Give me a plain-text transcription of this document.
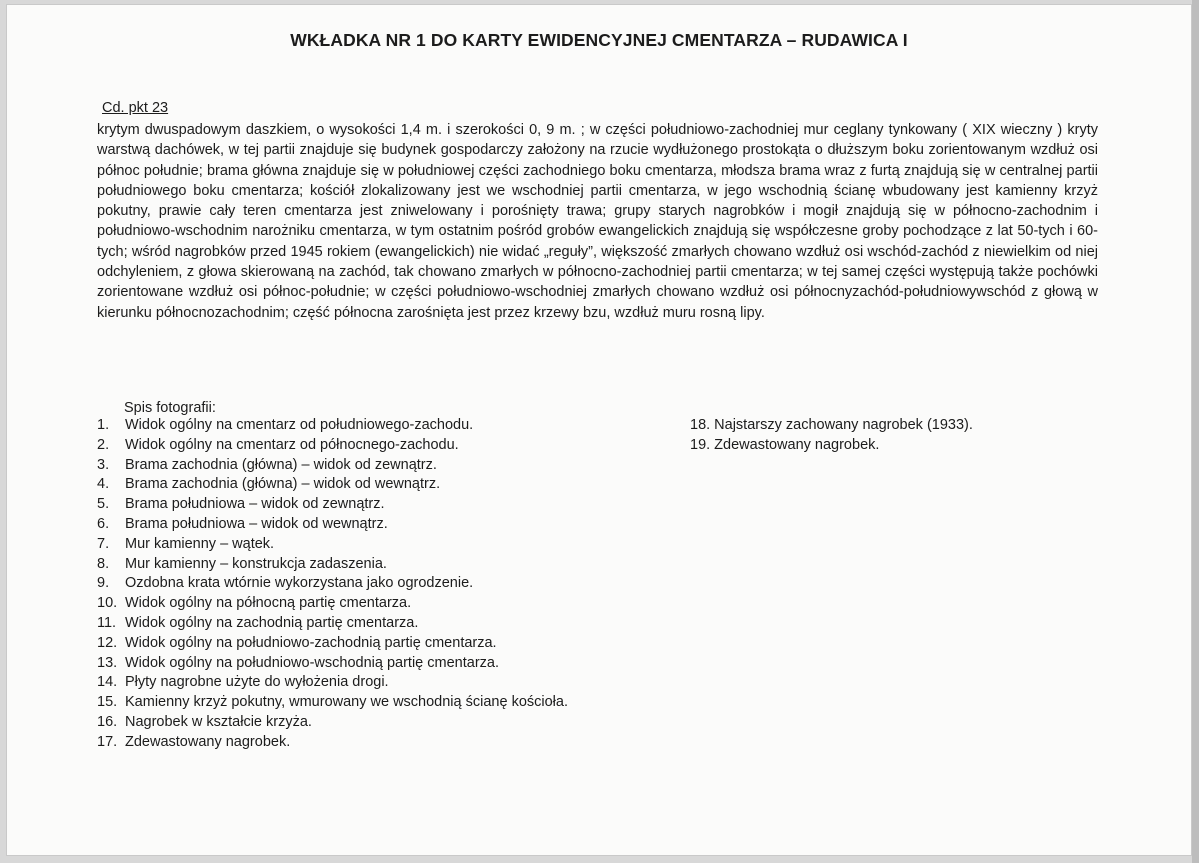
WKŁADKA NR 1 DO KARTY EWIDENCYJNEJ CMENTARZA – RUDAWICA I
Cd. pkt 23
krytym dwuspadowym daszkiem, o wysokości 1,4 m. i szerokości 0, 9 m. ; w części południowo-zachodniej mur ceglany tynkowany ( XIX wieczny ) kryty warstwą dachówek, w tej partii znajduje się budynek gospodarczy założony na rzucie wydłużonego prostokąta o dłuższym boku zorientowanym wzdłuż osi północ południe; brama główna znajduje się w południowej części zachodniego boku cmentarza, młodsza brama wraz z furtą znajdują się w centralnej partii południowego boku cmentarza; kościół zlokalizowany jest we wschodniej partii cmentarza, w jego wschodnią ścianę wbudowany jest kamienny krzyż pokutny, prawie cały teren cmentarza jest zniwelowany i porośnięty trawa; grupy starych nagrobków i mogił znajdują się w północno-zachodnim i południowo-wschodnim narożniku cmentarza, w tym ostatnim pośród grobów ewangelickich znajdują się współczesne groby pochodzące z lat 50-tych i 60-tych; wśród nagrobków przed 1945 rokiem (ewangelickich) nie widać „reguły”, większość zmarłych chowano wzdłuż osi wschód-zachód z niewielkim od niej odchyleniem, z głowa skierowaną na zachód, tak chowano zmarłych w północno-zachodniej partii cmentarza; w tej samej części występują także pochówki zorientowane wzdłuż osi północ-południe; w części południowo-wschodniej zmarłych chowano wzdłuż osi północnyzachód-południowywschód z głową w kierunku północnozachodnim; część północna zarośnięta jest przez krzewy bzu, wzdłuż muru rosną lipy.
Spis fotografii:
1. Widok ogólny na cmentarz od południowego-zachodu.
2. Widok ogólny na cmentarz od północnego-zachodu.
3. Brama zachodnia (główna) – widok od zewnątrz.
4. Brama zachodnia (główna) – widok od wewnątrz.
5. Brama południowa – widok od zewnątrz.
6. Brama południowa – widok od wewnątrz.
7. Mur kamienny – wątek.
8. Mur kamienny – konstrukcja zadaszenia.
9. Ozdobna krata wtórnie wykorzystana jako ogrodzenie.
10. Widok ogólny na północną partię cmentarza.
11. Widok ogólny na zachodnią partię cmentarza.
12. Widok ogólny na południowo-zachodnią partię cmentarza.
13. Widok ogólny na południowo-wschodnią partię cmentarza.
14. Płyty nagrobne użyte do wyłożenia drogi.
15. Kamienny krzyż pokutny, wmurowany we wschodnią ścianę kościoła.
16. Nagrobek w kształcie krzyża.
17. Zdewastowany nagrobek.
18. Najstarszy zachowany nagrobek (1933).
19. Zdewastowany nagrobek.
